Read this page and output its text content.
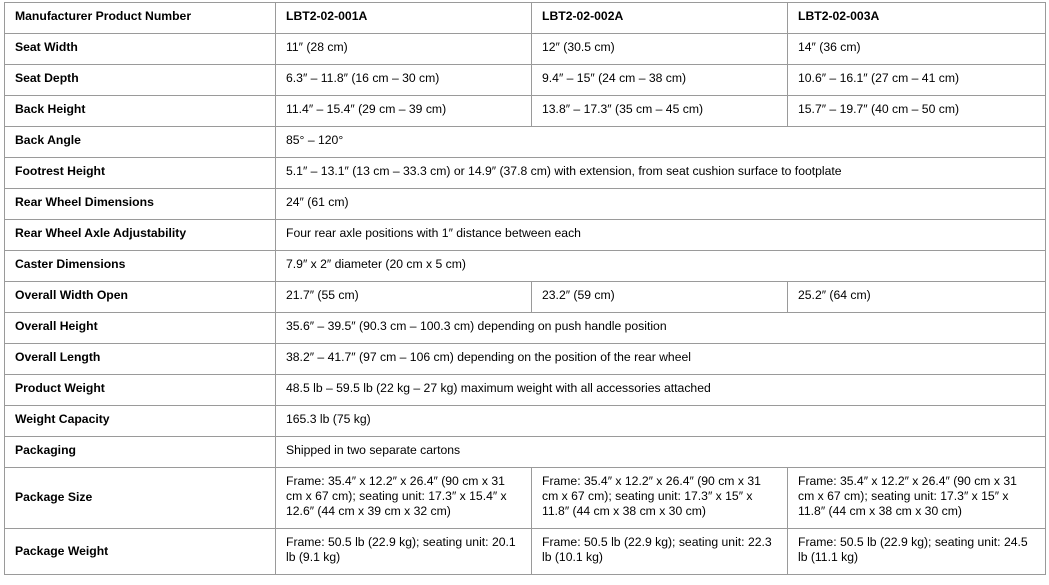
Manufacturer Product Number	LBT2-02-001A	LBT2-02-002A	LBT2-02-003A
Seat Width	11″ (28 cm)	12″ (30.5 cm)	14″ (36 cm)
Seat Depth	6.3″ – 11.8″ (16 cm – 30 cm)	9.4″ – 15″ (24 cm – 38 cm)	10.6″ – 16.1″ (27 cm – 41 cm)
Back Height	11.4″ – 15.4″ (29 cm – 39 cm)	13.8″ – 17.3″ (35 cm – 45 cm)	15.7″ – 19.7″ (40 cm – 50 cm)
Back Angle	85° – 120°		
Footrest Height	5.1″ – 13.1″ (13 cm – 33.3 cm) or 14.9″ (37.8 cm) with extension, from seat cushion surface to footplate		
Rear Wheel Dimensions	24″ (61 cm)		
Rear Wheel Axle Adjustability	Four rear axle positions with 1″ distance between each		
Caster Dimensions	7.9″ x 2″ diameter (20 cm x 5 cm)		
Overall Width Open	21.7″ (55 cm)	23.2″ (59 cm)	25.2″ (64 cm)
Overall Height	35.6″ – 39.5″ (90.3 cm – 100.3 cm) depending on push handle position		
Overall Length	38.2″ – 41.7″ (97 cm – 106 cm) depending on the position of the rear wheel		
Product Weight	48.5 lb – 59.5 lb (22 kg – 27 kg) maximum weight with all accessories attached		
Weight Capacity	165.3 lb (75 kg)		
Packaging	Shipped in two separate cartons		
Package Size	Frame: 35.4″ x 12.2″ x 26.4″ (90 cm x 31 cm x 67 cm); seating unit: 17.3″ x 15.4″ x 12.6″ (44 cm x 39 cm x 32 cm)	Frame: 35.4″ x 12.2″ x 26.4″ (90 cm x 31 cm x 67 cm); seating unit: 17.3″ x 15″ x 11.8″ (44 cm x 38 cm x 30 cm)	Frame: 35.4″ x 12.2″ x 26.4″ (90 cm x 31 cm x 67 cm); seating unit: 17.3″ x 15″ x 11.8″ (44 cm x 38 cm x 30 cm)
Package Weight	Frame: 50.5 lb (22.9 kg); seating unit: 20.1 lb (9.1 kg)	Frame: 50.5 lb (22.9 kg); seating unit: 22.3 lb (10.1 kg)	Frame: 50.5 lb (22.9 kg); seating unit: 24.5 lb (11.1 kg)
